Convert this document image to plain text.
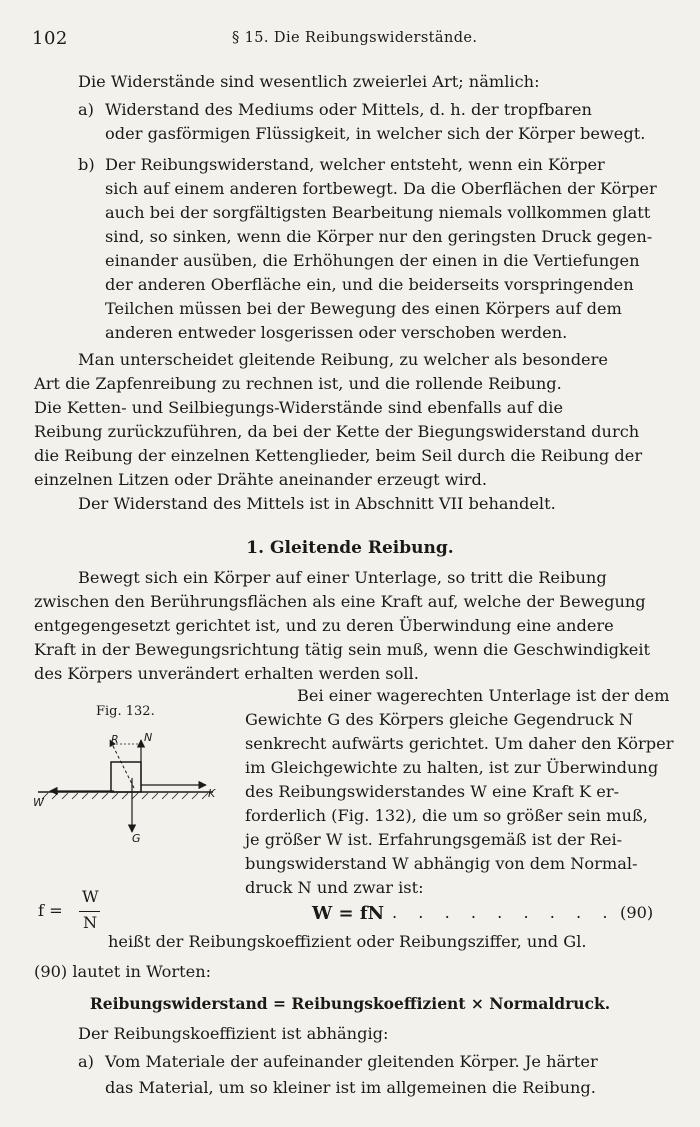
102	§ 15. Die Reibungswiderstände.
Die Widerstände sind wesentlich zweierlei Art; nämlich:
a) Widerstand des Mediums oder Mittels, d. h. der tropfbaren
oder gasförmigen Flüssigkeit, in welcher sich der Körper bewegt.
b) Der Reibungswiderstand, welcher entsteht, wenn ein Körper
sich auf einem anderen fortbewegt. Da die Oberflächen der Körper
auch bei der sorgfältigsten Bearbeitung niemals vollkommen glatt
sind, so sinken, wenn die Körper nur den geringsten Druck gegen-
einander ausüben, die Erhöhungen der einen in die Vertiefungen
der anderen Oberfläche ein, und die beiderseits vorspringenden
Teilchen müssen bei der Bewegung des einen Körpers auf dem
anderen entweder losgerissen oder verschoben werden.
Man unterscheidet gleitende Reibung, zu welcher als besondere
Art die Zapfenreibung zu rechnen ist, und die rollende Reibung.
Die Ketten- und Seilbiegungs-Widerstände sind ebenfalls auf die
Reibung zurückzuführen, da bei der Kette der Biegungswiderstand durch
die Reibung der einzelnen Kettenglieder, beim Seil durch die Reibung der
einzelnen Litzen oder Drähte aneinander erzeugt wird.
Der Widerstand des Mittels ist in Abschnitt VII behandelt.
1. Gleitende Reibung.
Bewegt sich ein Körper auf einer Unterlage, so tritt die Reibung
zwischen den Berührungsflächen als eine Kraft auf, welche der Bewegung
entgegengesetzt gerichtet ist, und zu deren Überwindung eine andere
Kraft in der Bewegungsrichtung tätig sein muß, wenn die Geschwindigkeit
des Körpers unverändert erhalten werden soll.
Fig. 132.
R N
W
K
G
Bei einer wagerechten Unterlage ist der dem
Gewichte G des Körpers gleiche Gegendruck N
senkrecht aufwärts gerichtet. Um daher den Körper
im Gleichgewichte zu halten, ist zur Überwindung
des Reibungswiderstandes W eine Kraft K er-
forderlich (Fig. 132), die um so größer sein muß,
je größer W ist. Erfahrungsgemäß ist der Rei-
bungswiderstand W abhängig von dem Normal-
druck N und zwar ist:
W = fN . . . . . . . . . (90)
f =
W
N
heißt der Reibungskoeffizient oder Reibungsziffer, und Gl.
(90) lautet in Worten:
Reibungswiderstand = Reibungskoeffizient × Normaldruck.
Der Reibungskoeffizient ist abhängig:
a) Vom Materiale der aufeinander gleitenden Körper. Je härter
das Material, um so kleiner ist im allgemeinen die Reibung.
